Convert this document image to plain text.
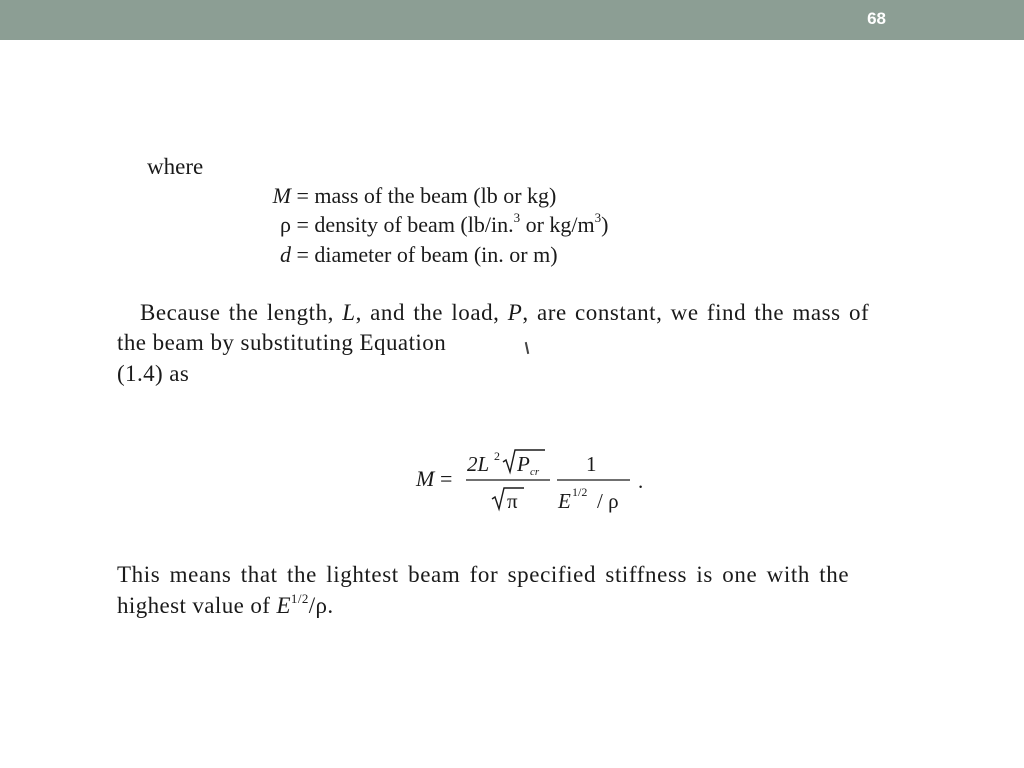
68
where
M = mass of the beam (lb or kg)
ρ = density of beam (lb/in.$^3$ or $kg/m^3$)
d = diameter of beam (in. or m)
Because the length, L, and the load, P, are constant, we find the mass of
the beam by substituting Equation
(1.4) as
M =
2L 2 P cr
π
1
E 1/2 / ρ
.
This means that the lightest beam for specified stiffness is one with the
highest value of $E^{1/2}/\rho$.
